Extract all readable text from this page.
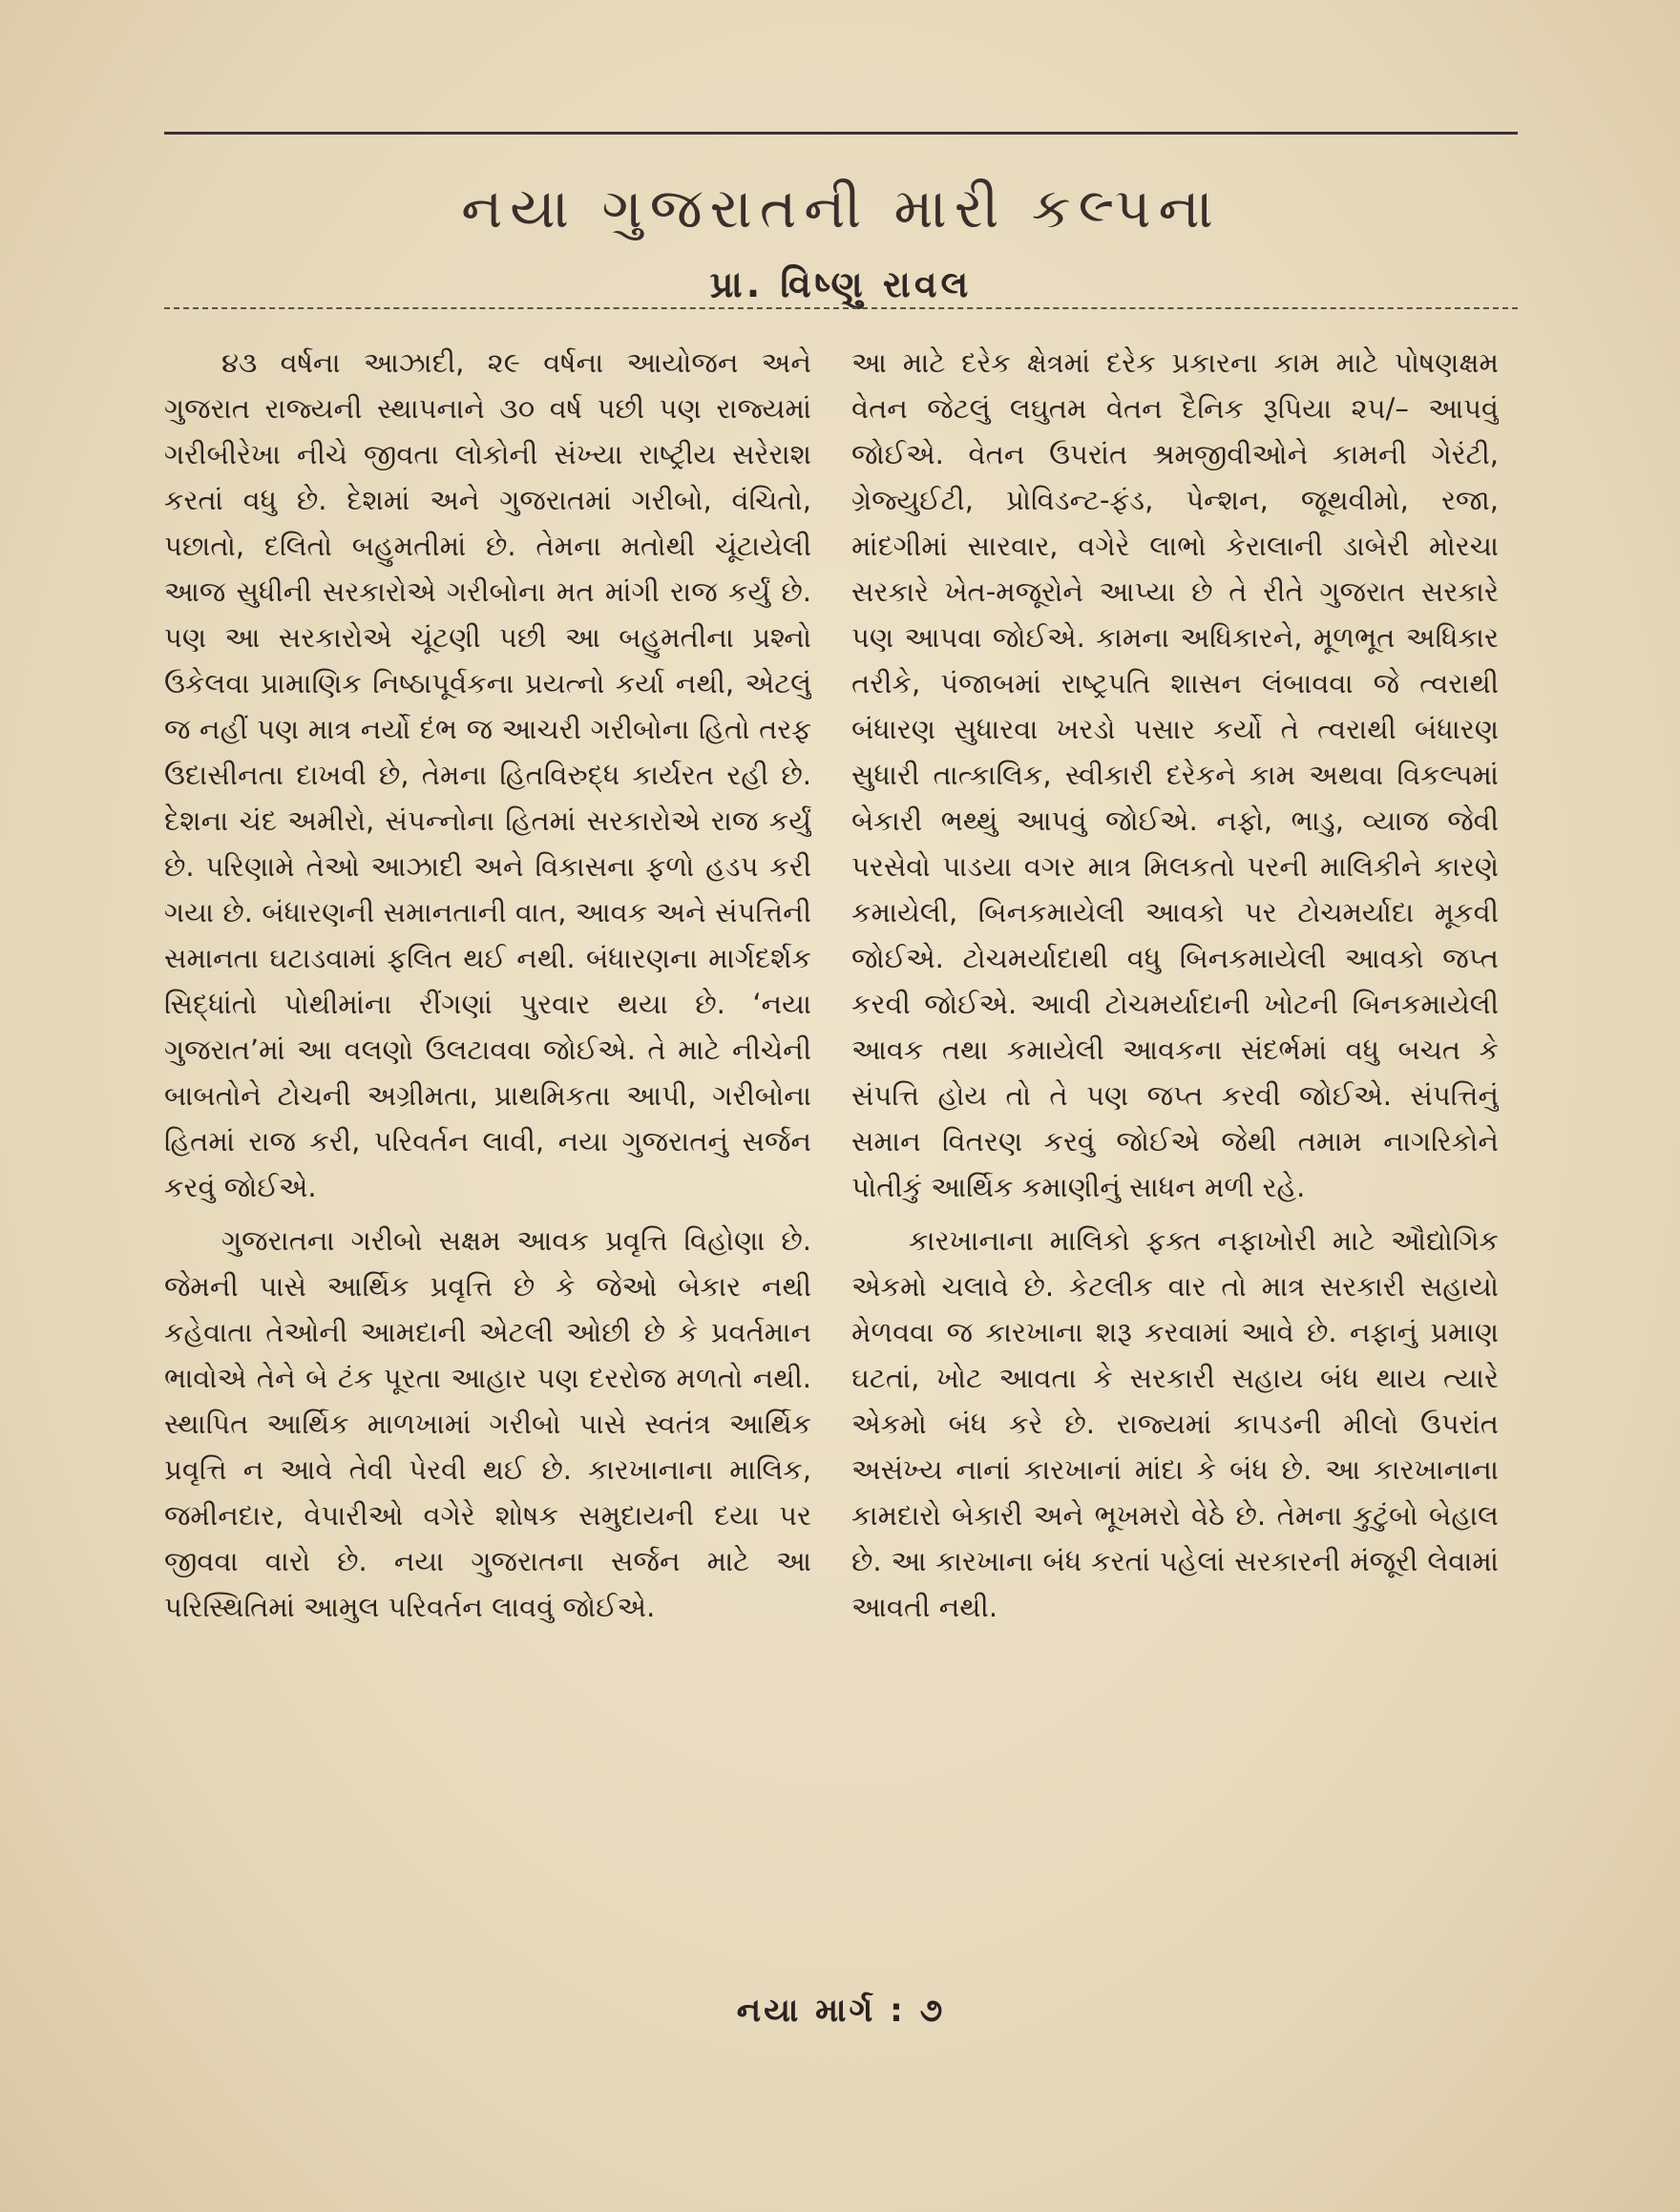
નયા ગુજરાતની મારી કલ્પના
પ્રા. વિષ્ણુ રાવલ

૪૩ વર્ષના આઝાદી, ૨૯ વર્ષના આયોજન અને ગુજરાત રાજ્યની સ્થાપનાને ૩૦ વર્ષ પછી પણ રાજ્યમાં ગરીબીરેખા નીચે જીવતા લોકોની સંખ્યા રાષ્ટ્રીય સરેરાશ કરતાં વધુ છે. દેશમાં અને ગુજરાતમાં ગરીબો, વંચિતો, પછાતો, દલિતો બહુમતીમાં છે. તેમના મતોથી ચૂંટાયેલી આજ સુધીની સરકારોએ ગરીબોના મત માંગી રાજ કર્યું છે. પણ આ સરકારોએ ચૂંટણી પછી આ બહુમતીના પ્રશ્નો ઉકેલવા પ્રામાણિક નિષ્ઠાપૂર્વકના પ્રયત્નો કર્યા નથી, એટલું જ નહીં પણ માત્ર નર્યો દંભ જ આચરી ગરીબોના હિતો તરફ ઉદાસીનતા દાખવી છે, તેમના હિતવિરુદ્ધ કાર્યરત રહી છે. દેશના ચંદ અમીરો, સંપન્નોના હિતમાં સરકારોએ રાજ કર્યું છે. પરિણામે તેઓ આઝાદી અને વિકાસના ફળો હડપ કરી ગયા છે. બંધારણની સમાનતાની વાત, આવક અને સંપત્તિની સમાનતા ઘટાડવામાં ફલિત થઈ નથી. બંધારણના માર્ગદર્શક સિદ્ધાંતો પોથીમાંના રીંગણાં પુરવાર થયા છે. ‘નયા ગુજરાત’માં આ વલણો ઉલટાવવા જોઈએ. તે માટે નીચેની બાબતોને ટોચની અગ્રીમતા, પ્રાથમિકતા આપી, ગરીબોના હિતમાં રાજ કરી, પરિવર્તન લાવી, નયા ગુજરાતનું સર્જન કરવું જોઈએ.

ગુજરાતના ગરીબો સક્ષમ આવક પ્રવૃત્તિ વિહોણા છે. જેમની પાસે આર્થિક પ્રવૃત્તિ છે કે જેઓ બેકાર નથી કહેવાતા તેઓની આમદાની એટલી ઓછી છે કે પ્રવર્તમાન ભાવોએ તેને બે ટંક પૂરતા આહાર પણ દરરોજ મળતો નથી. સ્થાપિત આર્થિક માળખામાં ગરીબો પાસે સ્વતંત્ર આર્થિક પ્રવૃત્તિ ન આવે તેવી પેરવી થઈ છે. કારખાનાના માલિક, જમીનદાર, વેપારીઓ વગેરે શોષક સમુદાયની દયા પર જીવવા વારો છે. નયા ગુજરાતના સર્જન માટે આ પરિસ્થિતિમાં આમુલ પરિવર્તન લાવવું જોઈએ.

આ માટે દરેક ક્ષેત્રમાં દરેક પ્રકારના કામ માટે પોષણક્ષમ વેતન જેટલું લઘુતમ વેતન દૈનિક રૂપિયા ૨૫/– આપવું જોઈએ. વેતન ઉપરાંત શ્રમજીવીઓને કામની ગેરંટી, ગ્રેજ્યુઈટી, પ્રોવિડન્ટ-ફંડ, પેન્શન, જૂથવીમો, રજા, માંદગીમાં સારવાર, વગેરે લાભો કેરાલાની ડાબેરી મોરચા સરકારે ખેત-મજૂરોને આપ્યા છે તે રીતે ગુજરાત સરકારે પણ આપવા જોઈએ. કામના અધિકારને, મૂળભૂત અધિકાર તરીકે, પંજાબમાં રાષ્ટ્રપતિ શાસન લંબાવવા જે ત્વરાથી બંધારણ સુધારવા ખરડો પસાર કર્યો તે ત્વરાથી બંધારણ સુધારી તાત્કાલિક, સ્વીકારી દરેકને કામ અથવા વિકલ્પમાં બેકારી ભથ્થું આપવું જોઈએ. નફો, ભાડુ, વ્યાજ જેવી પરસેવો પાડયા વગર માત્ર મિલકતો પરની માલિકીને કારણે કમાયેલી, બિનકમાયેલી આવકો પર ટોચમર્યાદા મૂકવી જોઈએ. ટોચમર્યાદાથી વધુ બિનકમાયેલી આવકો જપ્ત કરવી જોઈએ. આવી ટોચમર્યાદાની ખોટની બિનકમાયેલી આવક તથા કમાયેલી આવકના સંદર્ભમાં વધુ બચત કે સંપત્તિ હોય તો તે પણ જપ્ત કરવી જોઈએ. સંપત્તિનું સમાન વિતરણ કરવું જોઈએ જેથી તમામ નાગરિકોને પોતીકું આર્થિક કમાણીનું સાધન મળી રહે.

કારખાનાના માલિકો ફક્ત નફાખોરી માટે ઔદ્યોગિક એકમો ચલાવે છે. કેટલીક વાર તો માત્ર સરકારી સહાયો મેળવવા જ કારખાના શરૂ કરવામાં આવે છે. નફાનું પ્રમાણ ઘટતાં, ખોટ આવતા કે સરકારી સહાય બંધ થાય ત્યારે એકમો બંધ કરે છે. રાજ્યમાં કાપડની મીલો ઉપરાંત અસંખ્ય નાનાં કારખાનાં માંદા કે બંધ છે. આ કારખાનાના કામદારો બેકારી અને ભૂખમરો વેઠે છે. તેમના કુટુંબો બેહાલ છે. આ કારખાના બંધ કરતાં પહેલાં સરકારની મંજૂરી લેવામાં આવતી નથી.

નયા માર્ગ : ૭
